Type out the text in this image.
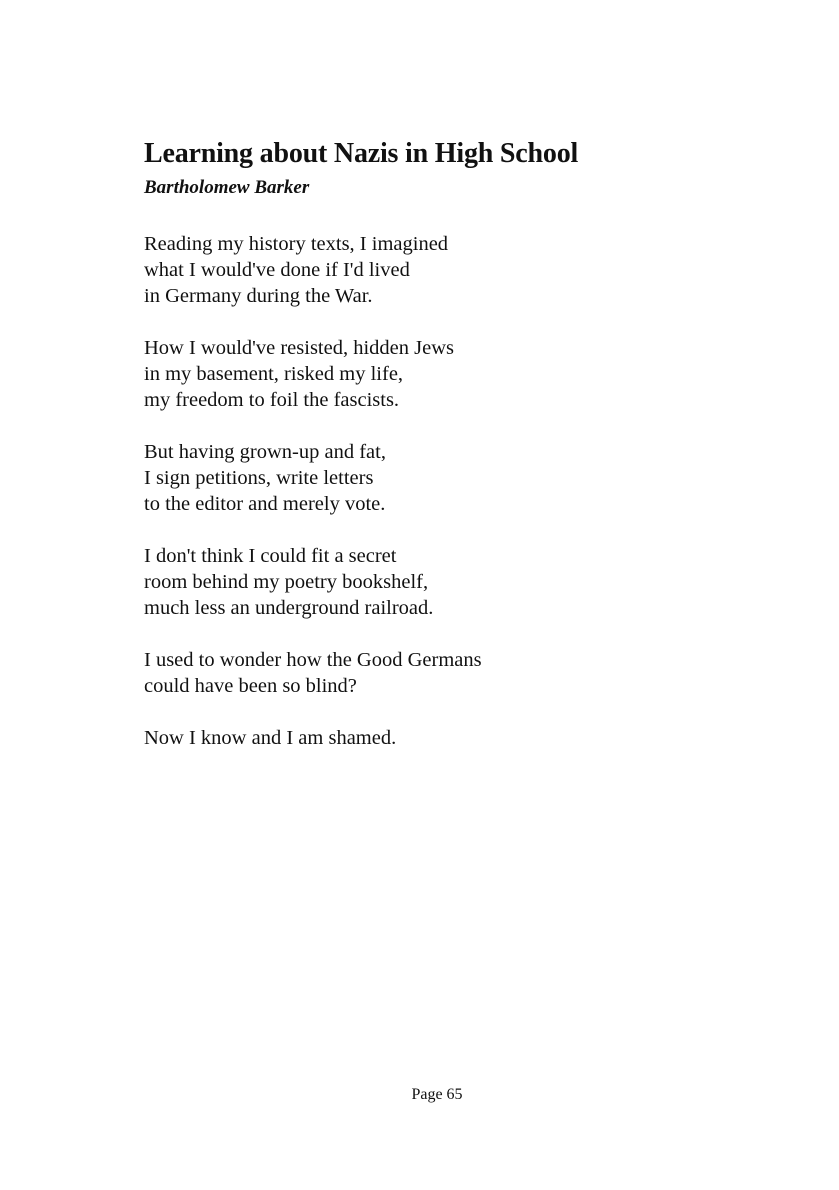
Learning about Nazis in High School

Bartholomew Barker

Reading my history texts, I imagined
what I would've done if I'd lived
in Germany during the War.
How I would've resisted, hidden Jews
in my basement, risked my life,
my freedom to foil the fascists.
But having grown-up and fat,
I sign petitions, write letters
to the editor and merely vote.
I don't think I could fit a secret
room behind my poetry bookshelf,
much less an underground railroad.
I used to wonder how the Good Germans
could have been so blind?
Now I know and I am shamed.
Page 65
